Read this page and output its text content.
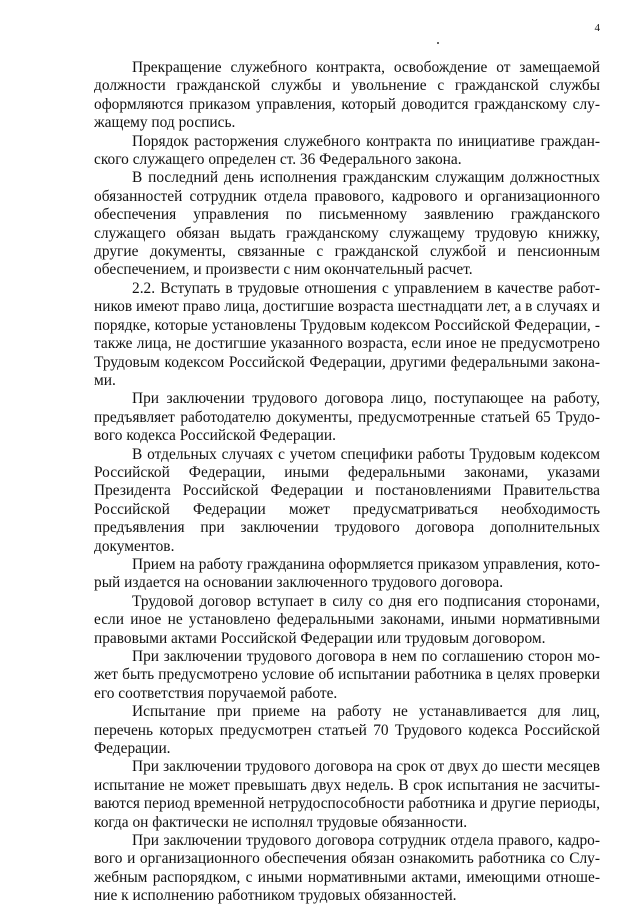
4

Прекращение служебного контракта, освобождение от замещаемой должности гражданской службы и увольнение с гражданской службы оформляются приказом управления, который доводится гражданскому служащему под роспись.

Порядок расторжения служебного контракта по инициативе гражданского служащего определен ст. 36 Федерального закона.

В последний день исполнения гражданским служащим должностных обязанностей сотрудник отдела правового, кадрового и организационного обеспечения управления по письменному заявлению гражданского служащего обязан выдать гражданскому служащему трудовую книжку, другие документы, связанные с гражданской службой и пенсионным обеспечением, и произвести с ним окончательный расчет.

2.2. Вступать в трудовые отношения с управлением в качестве работников имеют право лица, достигшие возраста шестнадцати лет, а в случаях и порядке, которые установлены Трудовым кодексом Российской Федерации, - также лица, не достигшие указанного возраста, если иное не предусмотрено Трудовым кодексом Российской Федерации, другими федеральными законами.

При заключении трудового договора лицо, поступающее на работу, предъявляет работодателю документы, предусмотренные статьей 65 Трудового кодекса Российской Федерации.

В отдельных случаях с учетом специфики работы Трудовым кодексом Российской Федерации, иными федеральными законами, указами Президента Российской Федерации и постановлениями Правительства Российской Федерации может предусматриваться необходимость предъявления при заключении трудового договора дополнительных документов.

Прием на работу гражданина оформляется приказом управления, который издается на основании заключенного трудового договора.

Трудовой договор вступает в силу со дня его подписания сторонами, если иное не установлено федеральными законами, иными нормативными правовыми актами Российской Федерации или трудовым договором.

При заключении трудового договора в нем по соглашению сторон может быть предусмотрено условие об испытании работника в целях проверки его соответствия поручаемой работе.

Испытание при приеме на работу не устанавливается для лиц, перечень которых предусмотрен статьей 70 Трудового кодекса Российской Федерации.

При заключении трудового договора на срок от двух до шести месяцев испытание не может превышать двух недель. В срок испытания не засчитываются период временной нетрудоспособности работника и другие периоды, когда он фактически не исполнял трудовые обязанности.

При заключении трудового договора сотрудник отдела правого, кадрового и организационного обеспечения обязан ознакомить работника со Служебным распорядком, с иными нормативными актами, имеющими отношение к исполнению работником трудовых обязанностей.
